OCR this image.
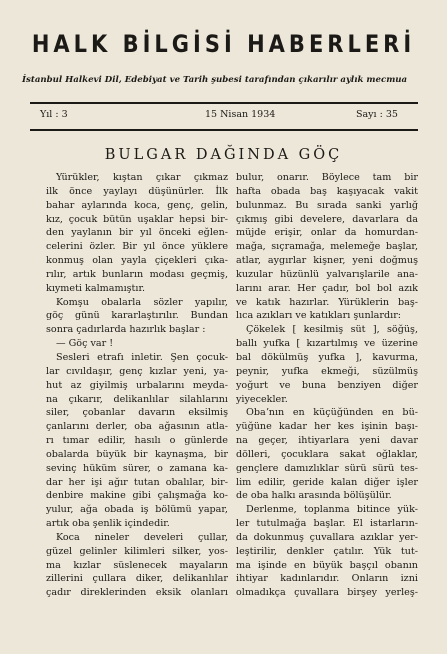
HALK BİLGİSİ HABERLERİ
İstanbul Halkevi Dil, Edebiyat ve Tarih şubesi tarafından çıkarılır aylık mecmua
Yıl : 3	15 Nisan 1934	Sayı : 35
BULGAR DAĞINDA GÖÇ
Yürükler, kıştan çıkar çıkmaz
ilk önce yaylayı düşünürler. İlk
bahar aylarında koca, genç, gelin,
kız, çocuk bütün uşaklar hepsi bir-
den yaylanın bir yıl önceki eğlen-
celerini özler. Bir yıl önce yüklere
konmuş olan yayla çiçekleri çıka-
rılır, artık bunların modası geçmiş,
kıymeti kalmamıştır.
Komşu obalarla sözler yapılır,
göç günü kararlaştırılır. Bundan
sonra çadırlarda hazırlık başlar :
— Göç var !
Sesleri etrafı inletir. Şen çocuk-
lar cıvıldaşır, genç kızlar yeni, ya-
hut az giyilmiş urbalarını meyda-
na çıkarır, delikanlılar silahlarını
siler, çobanlar davarın eksilmiş
çanlarını derler, oba ağasının atla-
rı tımar edilir, hasılı o günlerde
obalarda büyük bir kaynaşma, bir
sevinç hüküm sürer, o zamana ka-
dar her işi ağır tutan obalılar, bir-
denbire makine gibi çalışmağa ko-
yulur, ağa obada iş bölümü yapar,
artık oba şenlik içindedir.
Koca nineler develeri çullar,
güzel gelinler kilimleri silker, yos-
ma kızlar süslenecek mayaların
zillerini çullara diker, delikanlılar
çadır direklerinden eksik olanları
bulur, onarır. Böylece tam bir
hafta obada baş kaşıyacak vakit
bulunmaz. Bu sırada sanki yarlığ
çıkmış gibi develere, davarlara da
müjde erişir, onlar da homurdan-
mağa, sıçramağa, melemeğe başlar,
atlar, aygırlar kişner, yeni doğmuş
kuzular hüzünlü yalvarışlarile ana-
larını arar. Her çadır, bol bol azık
ve katık hazırlar. Yürüklerin baş-
lıca azıkları ve katıkları şunlardır:
Çökelek [ kesilmiş süt ], söğüş,
ballı yufka [ kızartılmış ve üzerine
bal dökülmüş yufka ], kavurma,
peynir, yufka ekmeği, süzülmüş
yoğurt ve buna benziyen diğer
yiyecekler.
Obaʼnın en küçüğünden en bü-
yüğüne kadar her kes işinin başı-
na geçer, ihtiyarlara yeni davar
dölleri, çocuklara sakat oğlaklar,
gençlere damızlıklar sürü sürü tes-
lim edilir, geride kalan diğer işler
de oba halkı arasında bölüşülür.
Derlenme, toplanma bitince yük-
ler tutulmağa başlar. El istarların-
da dokunmuş çuvallara azıklar yer-
leştirilir, denkler çatılır. Yük tut-
ma işinde en büyük başçıl obanın
ihtiyar kadınlarıdır. Onların izni
olmadıkça çuvallara birşey yerleş-
